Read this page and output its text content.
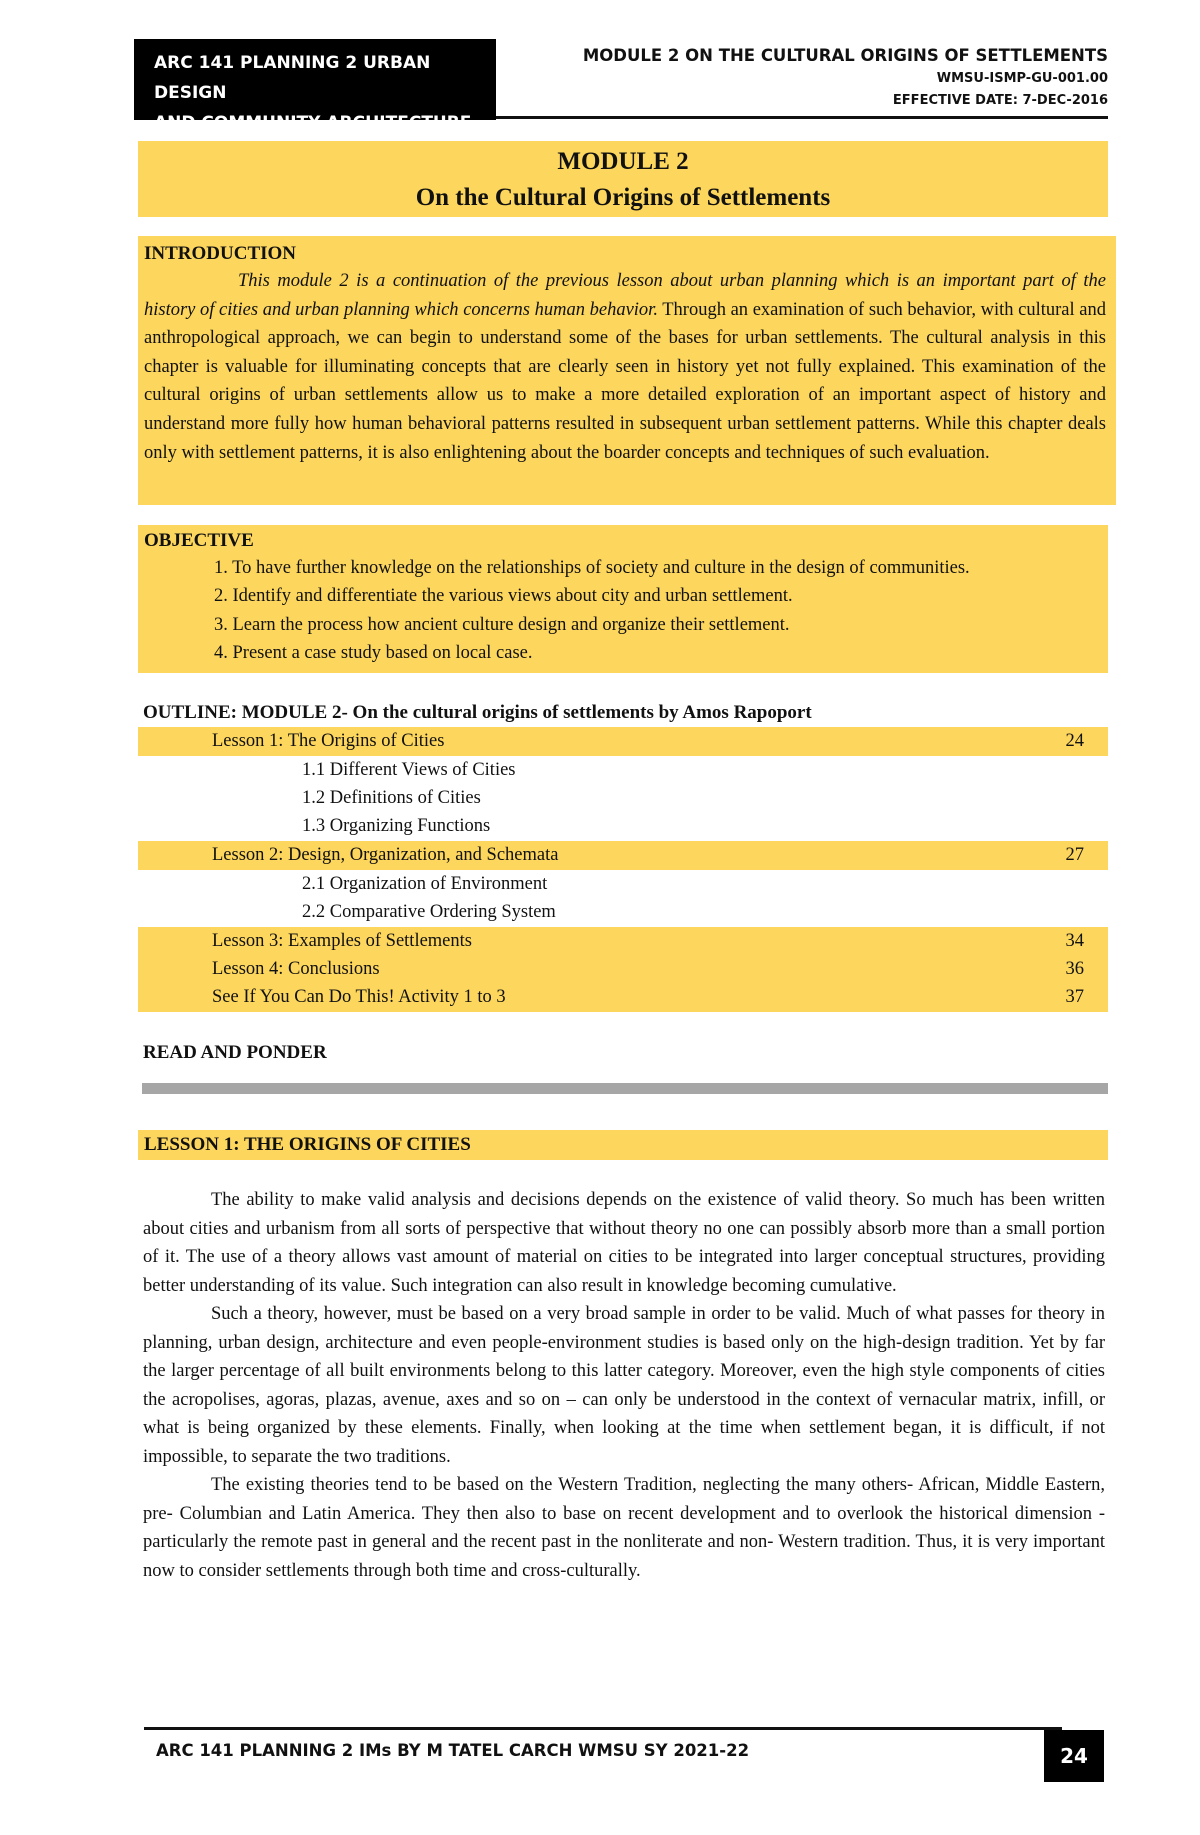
ARC 141 PLANNING 2 URBAN DESIGN
AND COMMUNITY ARCHITECTURE
MODULE 2 ON THE CULTURAL ORIGINS OF SETTLEMENTS
WMSU-ISMP-GU-001.00
EFFECTIVE DATE: 7-DEC-2016
MODULE 2
On the Cultural Origins of Settlements
INTRODUCTION
This module 2 is a continuation of the previous lesson about urban planning which is an important part of the history of cities and urban planning which concerns human behavior. Through an examination of such behavior, with cultural and anthropological approach, we can begin to understand some of the bases for urban settlements. The cultural analysis in this chapter is valuable for illuminating concepts that are clearly seen in history yet not fully explained. This examination of the cultural origins of urban settlements allow us to make a more detailed exploration of an important aspect of history and understand more fully how human behavioral patterns resulted in subsequent urban settlement patterns. While this chapter deals only with settlement patterns, it is also enlightening about the boarder concepts and techniques of such evaluation.
OBJECTIVE
1. To have further knowledge on the relationships of society and culture in the design of communities.
2. Identify and differentiate the various views about city and urban settlement.
3. Learn the process how ancient culture design and organize their settlement.
4. Present a case study based on local case.
OUTLINE: MODULE 2- On the cultural origins of settlements by Amos Rapoport
Lesson 1: The Origins of Cities	24
1.1 Different Views of Cities
1.2 Definitions of Cities
1.3 Organizing Functions
Lesson 2: Design, Organization, and Schemata	27
2.1 Organization of Environment
2.2 Comparative Ordering System
Lesson 3: Examples of Settlements	34
Lesson 4: Conclusions	36
See If You Can Do This! Activity 1 to 3	37
READ AND PONDER
LESSON 1: THE ORIGINS OF CITIES

The ability to make valid analysis and decisions depends on the existence of valid theory. So much has been written about cities and urbanism from all sorts of perspective that without theory no one can possibly absorb more than a small portion of it. The use of a theory allows vast amount of material on cities to be integrated into larger conceptual structures, providing better understanding of its value. Such integration can also result in knowledge becoming cumulative.

Such a theory, however, must be based on a very broad sample in order to be valid. Much of what passes for theory in planning, urban design, architecture and even people-environment studies is based only on the high-design tradition. Yet by far the larger percentage of all built environments belong to this latter category. Moreover, even the high style components of cities the acropolises, agoras, plazas, avenue, axes and so on – can only be understood in the context of vernacular matrix, infill, or what is being organized by these elements. Finally, when looking at the time when settlement began, it is difficult, if not impossible, to separate the two traditions.

The existing theories tend to be based on the Western Tradition, neglecting the many others- African, Middle Eastern, pre- Columbian and Latin America. They then also to base on recent development and to overlook the historical dimension - particularly the remote past in general and the recent past in the nonliterate and non- Western tradition. Thus, it is very important now to consider settlements through both time and cross-culturally.

ARC 141 PLANNING 2 IMs BY M TATEL CARCH WMSU SY 2021-22	24
